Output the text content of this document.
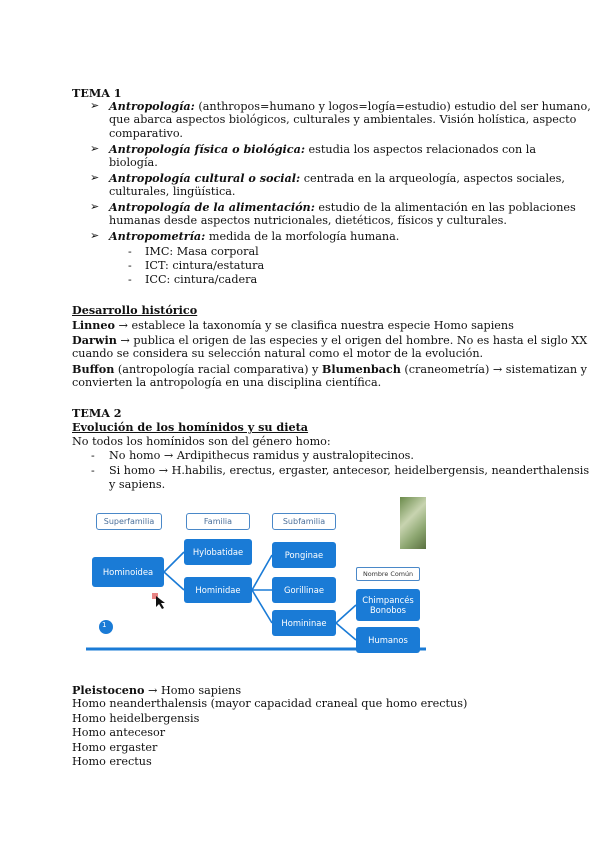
TEMA 1
➢ Antropología: (anthropos=humano y logos=logía=estudio) estudio del ser humano,
que abarca aspectos biológicos, culturales y ambientales. Visión holística, aspecto
comparativo.
➢ Antropología física o biológica: estudia los aspectos relacionados con la
biología.
➢ Antropología cultural o social: centrada en la arqueología, aspectos sociales,
culturales, lingüística.
➢ Antropología de la alimentación: estudio de la alimentación en las poblaciones
humanas desde aspectos nutricionales, dietéticos, físicos y culturales.
➢ Antropometría: medida de la morfología humana.
- IMC: Masa corporal
- ICT: cintura/estatura
- ICC: cintura/cadera
Desarrollo histórico
Linneo → establece la taxonomía y se clasifica nuestra especie Homo sapiens
Darwin → publica el origen de las especies y el origen del hombre. No es hasta el siglo XX
cuando se considera su selección natural como el motor de la evolución.
Buffon (antropología racial comparativa) y Blumenbach (craneometría) → sistematizan y
convierten la antropología en una disciplina científica.
TEMA 2
Evolución de los homínidos y su dieta
No todos los homínidos son del género homo:
- No homo → Ardipithecus ramidus y australopitecinos.
- Si homo → H.habilis, erectus, ergaster, antecesor, heidelbergensis, neanderthalensis
y sapiens.
1
Superfamilia	Familia	Subfamilia
Hominoidea
Hylobatidae
Hominidae
Ponginae
Gorillinae
Homininae
Nombre Común
Chimpancés Bonobos
Humanos
Pleistoceno → Homo sapiens
Homo neanderthalensis (mayor capacidad craneal que homo erectus)
Homo heidelbergensis
Homo antecesor
Homo ergaster
Homo erectus
